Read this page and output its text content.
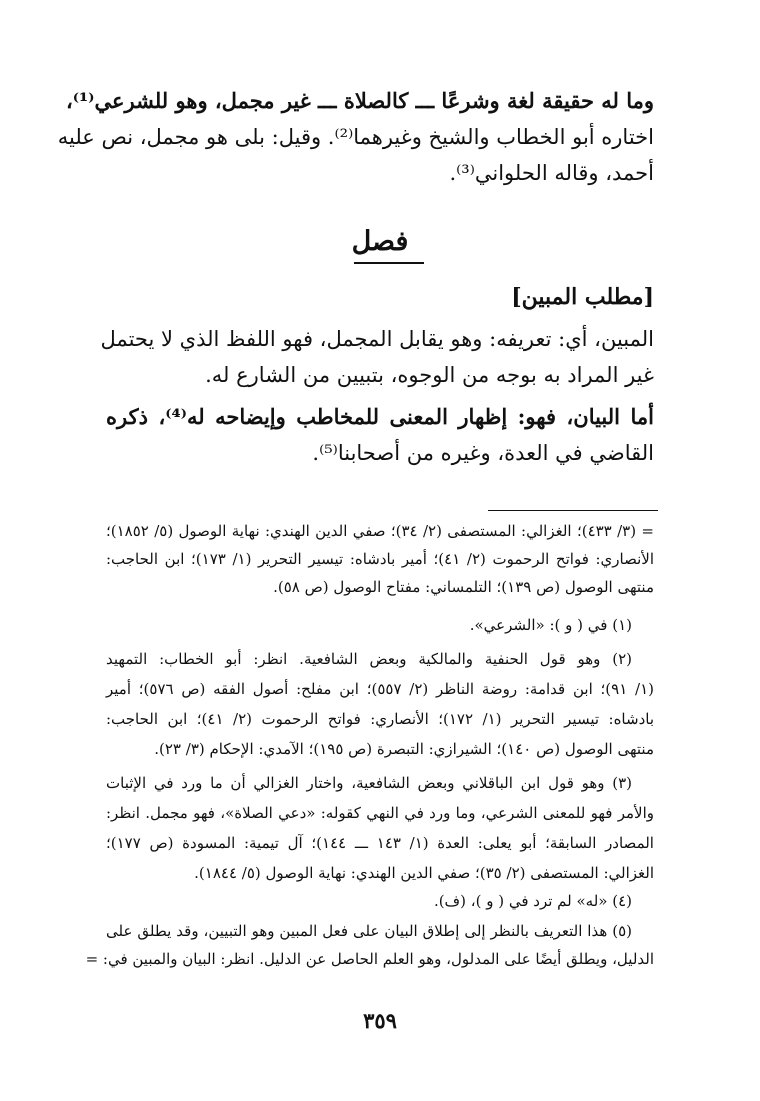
وما له حقيقة لغة وشرعًا ـــ كالصلاة ـــ غير مجمل، وهو للشرعي⁽¹⁾،
اختاره أبو الخطاب والشيخ وغيرهما⁽²⁾. وقيل: بلى هو مجمل، نص عليه
أحمد، وقاله الحلواني⁽³⁾.
فصل
[مطلب المبين]
المبين، أي: تعريفه: وهو يقابل المجمل، فهو اللفظ الذي لا يحتمل
غير المراد به بوجه من الوجوه، بتبيين من الشارع له.
أما البيان، فهو: إظهار المعنى للمخاطب وإيضاحه له⁽⁴⁾، ذكره
القاضي في العدة، وغيره من أصحابنا⁽⁵⁾.
= (٣/ ٤٣٣)؛ الغزالي: المستصفى (٢/ ٣٤)؛ صفي الدين الهندي: نهاية الوصول (٥/ ١٨٥٢)؛
الأنصاري: فواتح الرحموت (٢/ ٤١)؛ أمير بادشاه: تيسير التحرير (١/ ١٧٣)؛ ابن الحاجب:
منتهى الوصول (ص ١٣٩)؛ التلمساني: مفتاح الوصول (ص ٥٨).
(١) في ( و ): «الشرعي».
(٢) وهو قول الحنفية والمالكية وبعض الشافعية. انظر: أبو الخطاب: التمهيد
(١/ ٩١)؛ ابن قدامة: روضة الناظر (٢/ ٥٥٧)؛ ابن مفلح: أصول الفقه (ص ٥٧٦)؛ أمير
بادشاه: تيسير التحرير (١/ ١٧٢)؛ الأنصاري: فواتح الرحموت (٢/ ٤١)؛ ابن الحاجب:
منتهى الوصول (ص ١٤٠)؛ الشيرازي: التبصرة (ص ١٩٥)؛ الآمدي: الإحكام (٣/ ٢٣).
(٣) وهو قول ابن الباقلاني وبعض الشافعية، واختار الغزالي أن ما ورد في الإثبات
والأمر فهو للمعنى الشرعي، وما ورد في النهي كقوله: «دعي الصلاة»، فهو مجمل. انظر:
المصادر السابقة؛ أبو يعلى: العدة (١/ ١٤٣ ـــ ١٤٤)؛ آل تيمية: المسودة (ص ١٧٧)؛
الغزالي: المستصفى (٢/ ٣٥)؛ صفي الدين الهندي: نهاية الوصول (٥/ ١٨٤٤).
(٤) «له» لم ترد في ( و )، (ف).
(٥) هذا التعريف بالنظر إلى إطلاق البيان على فعل المبين وهو التبيين، وقد يطلق على
الدليل، ويطلق أيضًا على المدلول، وهو العلم الحاصل عن الدليل. انظر: البيان والمبين في: =
٣٥٩
